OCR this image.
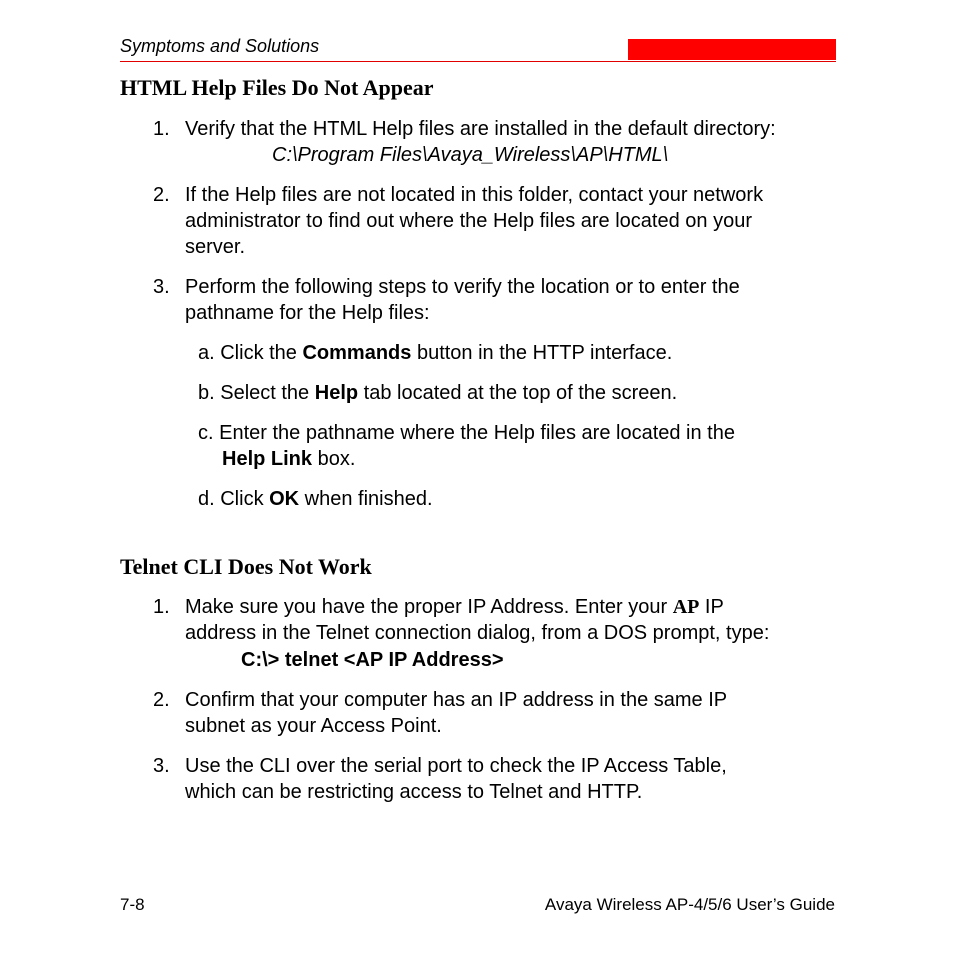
Symptoms and Solutions
HTML Help Files Do Not Appear
1. Verify that the HTML Help files are installed in the default directory:
C:\Program Files\Avaya_Wireless\AP\HTML\
2. If the Help files are not located in this folder, contact your network
administrator to find out where the Help files are located on your
server.
3. Perform the following steps to verify the location or to enter the
pathname for the Help files:
a. Click the Commands button in the HTTP interface.
b. Select the Help tab located at the top of the screen.
c. Enter the pathname where the Help files are located in the
Help Link box.
d. Click OK when finished.
Telnet CLI Does Not Work
1. Make sure you have the proper IP Address. Enter your AP IP
address in the Telnet connection dialog, from a DOS prompt, type:
C:\> telnet <AP IP Address>
2. Confirm that your computer has an IP address in the same IP
subnet as your Access Point.
3. Use the CLI over the serial port to check the IP Access Table,
which can be restricting access to Telnet and HTTP.
7-8	Avaya Wireless AP-4/5/6 User’s Guide
